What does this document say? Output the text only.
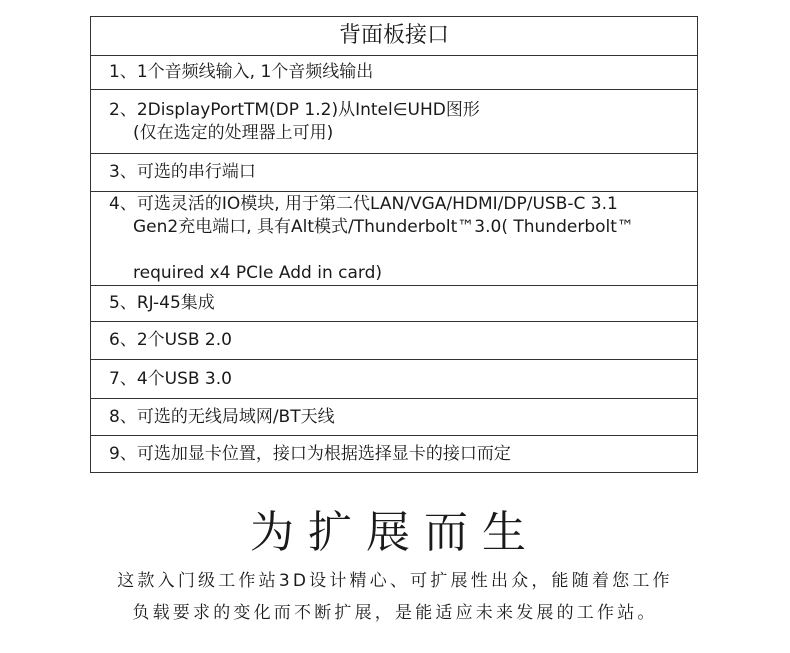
背面板接口
1、1个音频线输入, 1个音频线输出

2、2DisplayPortTM(DP 1.2)从Intel∈UHD图形

(仅在选定的处理器上可用)

3、可选的串行端口

4、可选灵活的IO模块, 用于第二代LAN/VGA/HDMI/DP/USB-C 3.1

Gen2充电端口, 具有Alt模式/Thunderbolt™3.0( Thunderbolt™

required x4 PCIe Add in card)

5、RJ-45集成
6、2个USB 2.0
7、4个USB 3.0
8、可选的无线局域网/BT天线
9、可选加显卡位置，接口为根据选择显卡的接口而定
为扩展而生
这款入门级工作站3D设计精心、可扩展性出众，能随着您工作
负载要求的变化而不断扩展，是能适应未来发展的工作站。
